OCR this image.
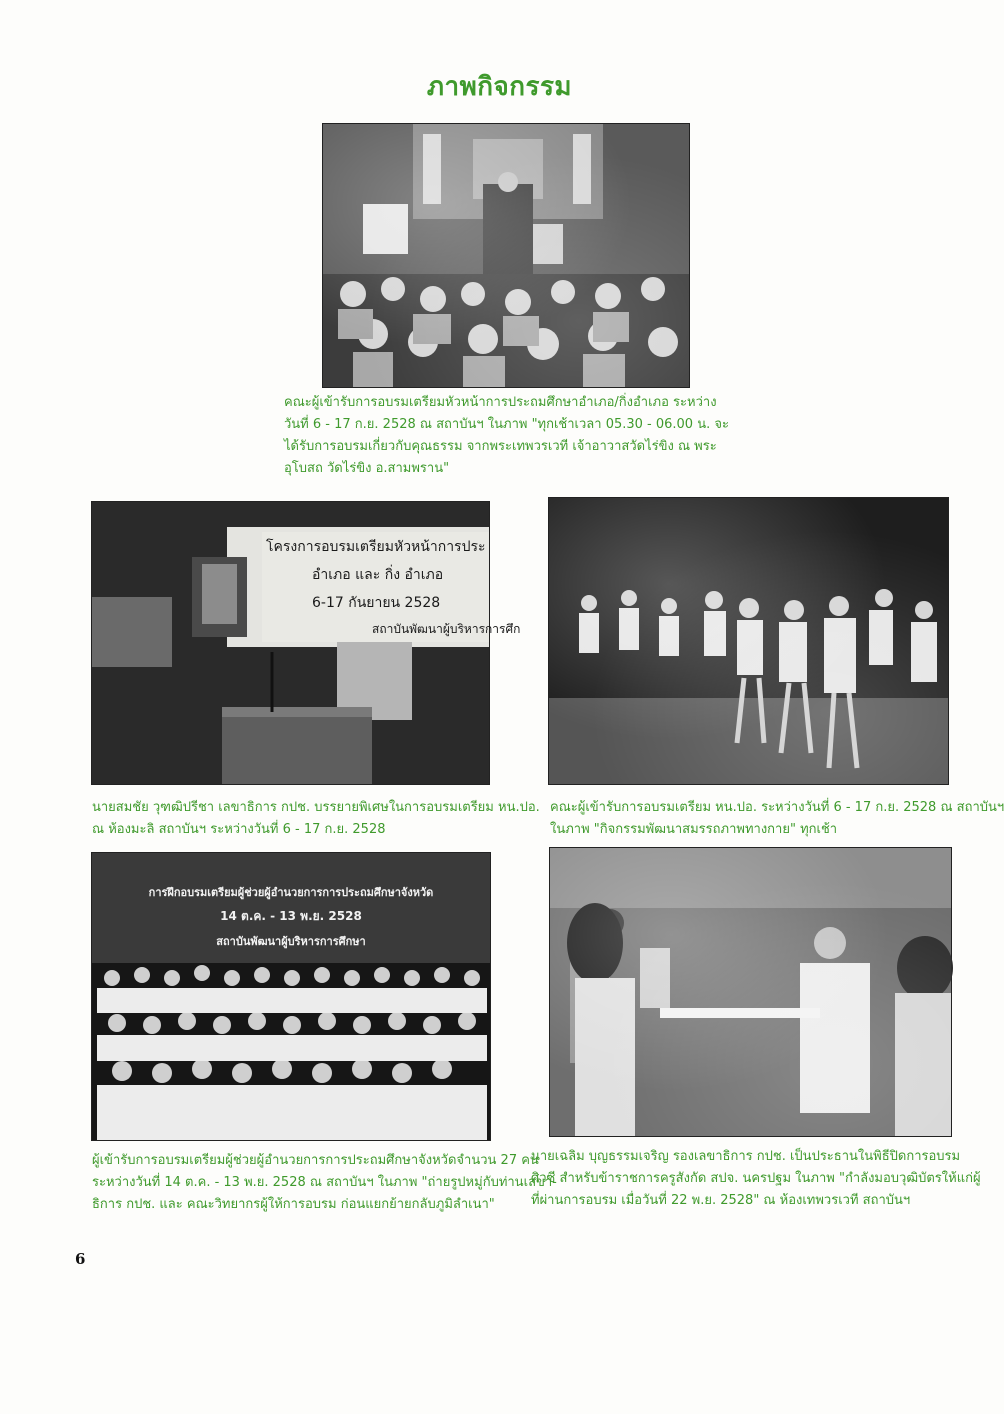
ภาพกิจกรรม
คณะผู้เข้ารับการอบรมเตรียมหัวหน้าการประถมศึกษาอำเภอ/กิ่งอำเภอ ระหว่าง
วันที่ 6 - 17 ก.ย. 2528 ณ สถาบันฯ ในภาพ "ทุกเช้าเวลา 05.30 - 06.00 น. จะ
ได้รับการอบรมเกี่ยวกับคุณธรรม จากพระเทพวรเวที เจ้าอาวาสวัดไร่ขิง ณ พระ
อุโบสถ วัดไร่ขิง อ.สามพราน"
โครงการอบรมเตรียมหัวหน้าการประ
อำเภอ และ กิ่ง อำเภอ
6-17 กันยายน 2528
สถาบันพัฒนาผู้บริหารการศึก
นายสมชัย วุฑฒิปรีชา เลขาธิการ กปช. บรรยายพิเศษในการอบรมเตรียม หน.ปอ.
ณ ห้องมะลิ สถาบันฯ ระหว่างวันที่ 6 - 17 ก.ย. 2528
คณะผู้เข้ารับการอบรมเตรียม หน.ปอ. ระหว่างวันที่ 6 - 17 ก.ย. 2528 ณ สถาบันฯ
ในภาพ "กิจกรรมพัฒนาสมรรถภาพทางกาย" ทุกเช้า
การฝึกอบรมเตรียมผู้ช่วยผู้อำนวยการการประถมศึกษาจังหวัด
14 ต.ค. - 13 พ.ย. 2528
สถาบันพัฒนาผู้บริหารการศึกษา
ผู้เข้ารับการอบรมเตรียมผู้ช่วยผู้อำนวยการการประถมศึกษาจังหวัดจำนวน 27 คน
ระหว่างวันที่ 14 ต.ค. - 13 พ.ย. 2528 ณ สถาบันฯ ในภาพ "ถ่ายรูปหมู่กับท่านเลขา-
ธิการ กปช. และ คณะวิทยากรผู้ให้การอบรม ก่อนแยกย้ายกลับภูมิลำเนา"
นายเฉลิม บุญธรรมเจริญ รองเลขาธิการ กปช. เป็นประธานในพิธีปิดการอบรม
ศิวซี สำหรับข้าราชการครูสังกัด สปจ. นครปฐม ในภาพ "กำลังมอบวุฒิบัตรให้แก่ผู้
ที่ผ่านการอบรม เมื่อวันที่ 22 พ.ย. 2528" ณ ห้องเทพวรเวที สถาบันฯ
6
